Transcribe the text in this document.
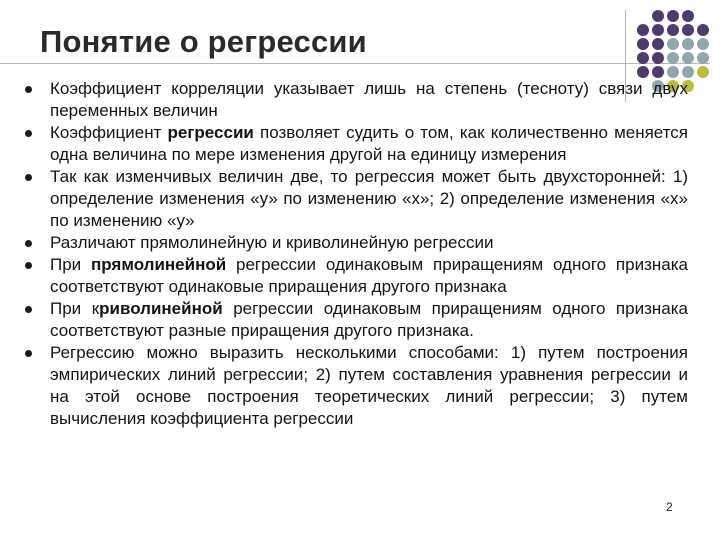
Понятие о регрессии
Коэффициент корреляции указывает лишь на степень (тесноту) связи двух переменных величин
Коэффициент регрессии позволяет судить о том, как количественно меняется одна величина по мере изменения другой на единицу измерения
Так как изменчивых величин две, то регрессия может быть двухсторонней: 1) определение изменения «у» по изменению «х»; 2) определение изменения «х» по изменению «у»
Различают прямолинейную и криволинейную регрессии
При прямолинейной регрессии одинаковым приращениям одного признака соответствуют одинаковые приращения другого признака
При криволинейной регрессии одинаковым приращениям одного признака соответствуют разные приращения другого признака.
Регрессию можно выразить несколькими способами: 1) путем построения эмпирических линий регрессии; 2) путем составления уравнения регрессии и на этой основе построения теоретических линий регрессии; 3) путем вычисления коэффициента регрессии
2
